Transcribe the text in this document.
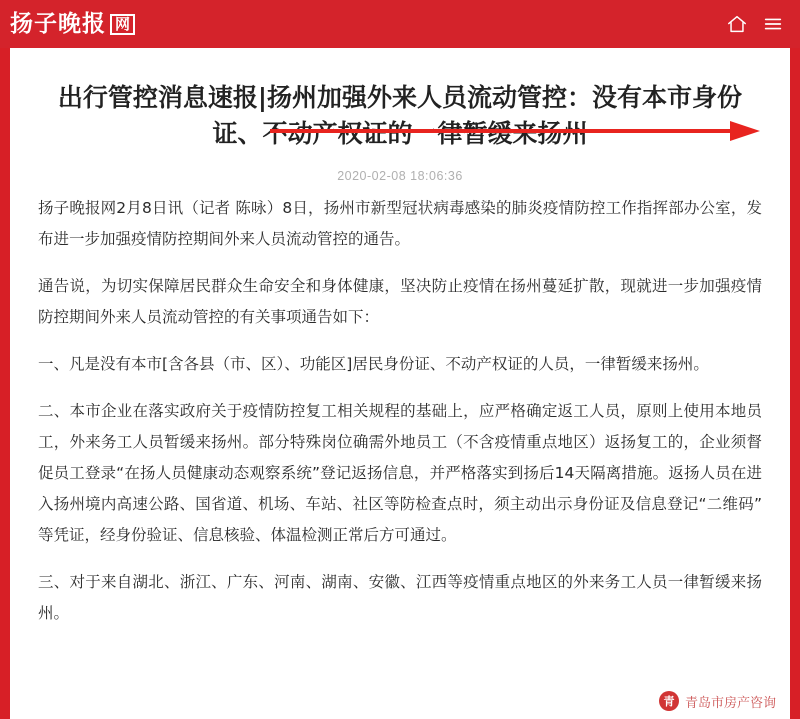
扬子晚报 网
出行管控消息速报|扬州加强外来人员流动管控：没有本市身份证、不动产权证的一律暂缓来扬州
2020-02-08 18:06:36

扬子晚报网2月8日讯（记者 陈咏）8日，扬州市新型冠状病毒感染的肺炎疫情防控工作指挥部办公室，发布进一步加强疫情防控期间外来人员流动管控的通告。

通告说，为切实保障居民群众生命安全和身体健康，坚决防止疫情在扬州蔓延扩散，现就进一步加强疫情防控期间外来人员流动管控的有关事项通告如下：

一、凡是没有本市[含各县（市、区）、功能区]居民身份证、不动产权证的人员，一律暂缓来扬州。

二、本市企业在落实政府关于疫情防控复工相关规程的基础上，应严格确定返工人员，原则上使用本地员工，外来务工人员暂缓来扬州。部分特殊岗位确需外地员工（不含疫情重点地区）返扬复工的，企业须督促员工登录“在扬人员健康动态观察系统”登记返扬信息，并严格落实到扬后14天隔离措施。返扬人员在进入扬州境内高速公路、国省道、机场、车站、社区等防检查点时，须主动出示身份证及信息登记“二维码”等凭证，经身份验证、信息核验、体温检测正常后方可通过。

三、对于来自湖北、浙江、广东、河南、湖南、安徽、江西等疫情重点地区的外来务工人员一律暂缓来扬州。

青 青岛市房产咨询
